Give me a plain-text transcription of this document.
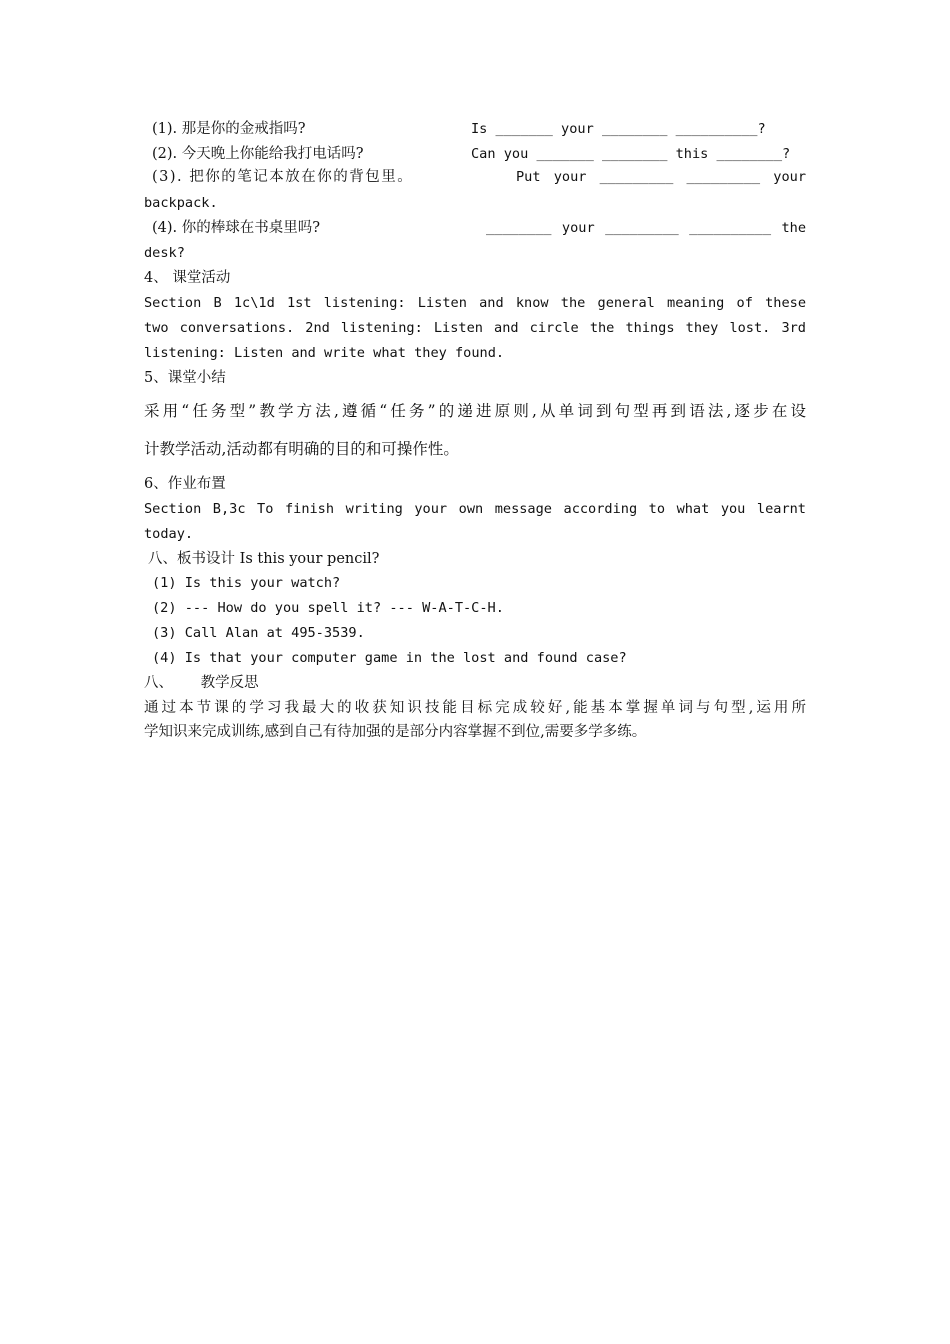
(1). 那是你的金戒指吗?	Is _______ your ________ __________?
(2). 今天晚上你能给我打电话吗?	Can you _______ ________ this ________?
(3). 把你的笔记本放在你的背包里。	Put your _________ _________ your
backpack.
(4). 你的棒球在书桌里吗?	________ your _________ __________ the
desk?
4、 课堂活动
Section B 1c\1d 1st listening: Listen and know the general meaning of these
two conversations. 2nd listening: Listen and circle the things they lost. 3rd
listening: Listen and write what they found.
5、课堂小结
采用“任务型”教学方法,遵循“任务”的递进原则,从单词到句型再到语法,逐步在设
计教学活动,活动都有明确的目的和可操作性。
6、作业布置
Section B,3c To finish writing your own message according to what you learnt
today.
八、板书设计 Is this your pencil?
(1) Is this your watch?
(2) --- How do you spell it? --- W-A-T-C-H.
(3) Call Alan at 495-3539.
(4) Is that your computer game in the lost and found case?
八、      教学反思
通过本节课的学习我最大的收获知识技能目标完成较好,能基本掌握单词与句型,运用所
学知识来完成训练,感到自己有待加强的是部分内容掌握不到位,需要多学多练。
